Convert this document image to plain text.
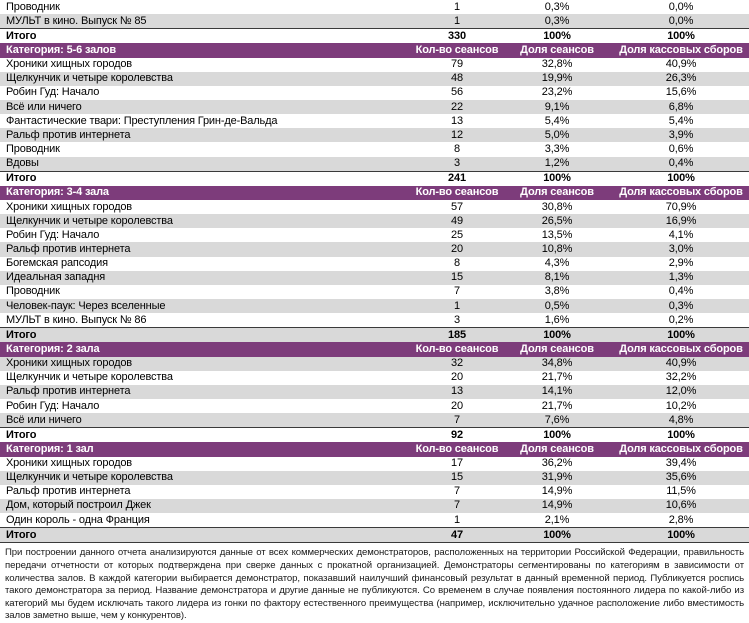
Проводник	1	0,3%	0,0%
МУЛЬТ в кино. Выпуск № 85	1	0,3%	0,0%
Итого	330	100%	100%
Категория: 5-6 залов	Кол-во сеансов	Доля сеансов	Доля кассовых сборов
Хроники хищных городов	79	32,8%	40,9%
Щелкунчик и четыре королевства	48	19,9%	26,3%
Робин Гуд: Начало	56	23,2%	15,6%
Всё или ничего	22	9,1%	6,8%
Фантастические твари: Преступления Грин-де-Вальда	13	5,4%	5,4%
Ральф против интернета	12	5,0%	3,9%
Проводник	8	3,3%	0,6%
Вдовы	3	1,2%	0,4%
Итого	241	100%	100%
Категория: 3-4 зала	Кол-во сеансов	Доля сеансов	Доля кассовых сборов
Хроники хищных городов	57	30,8%	70,9%
Щелкунчик и четыре королевства	49	26,5%	16,9%
Робин Гуд: Начало	25	13,5%	4,1%
Ральф против интернета	20	10,8%	3,0%
Богемская рапсодия	8	4,3%	2,9%
Идеальная западня	15	8,1%	1,3%
Проводник	7	3,8%	0,4%
Человек-паук: Через вселенные	1	0,5%	0,3%
МУЛЬТ в кино. Выпуск № 86	3	1,6%	0,2%
Итого	185	100%	100%
Категория: 2 зала	Кол-во сеансов	Доля сеансов	Доля кассовых сборов
Хроники хищных городов	32	34,8%	40,9%
Щелкунчик и четыре королевства	20	21,7%	32,2%
Ральф против интернета	13	14,1%	12,0%
Робин Гуд: Начало	20	21,7%	10,2%
Всё или ничего	7	7,6%	4,8%
Итого	92	100%	100%
Категория: 1 зал	Кол-во сеансов	Доля сеансов	Доля кассовых сборов
Хроники хищных городов	17	36,2%	39,4%
Щелкунчик и четыре королевства	15	31,9%	35,6%
Ральф против интернета	7	14,9%	11,5%
Дом, который построил Джек	7	14,9%	10,6%
Один король - одна Франция	1	2,1%	2,8%
Итого	47	100%	100%

При построении данного отчета анализируются данные от всех коммерческих демонстраторов, расположенных на территории Российской Федерации, правильность передачи отчетности от которых подтверждена при сверке данных с прокатной организацией. Демонстраторы сегментированы по категориям в зависимости от количества залов. В каждой категории выбирается демонстратор, показавший наилучший финансовый результат в данный временной период. Публикуется роспись такого демонстратора за период. Название демонстратора и другие данные не публикуются. Со временем в случае появления постоянного лидера по какой-либо из категорий мы будем исключать такого лидера из гонки по фактору естественного преимущества (например, исключительно удачное расположение либо вместимость залов заметно выше, чем у конкурентов).
